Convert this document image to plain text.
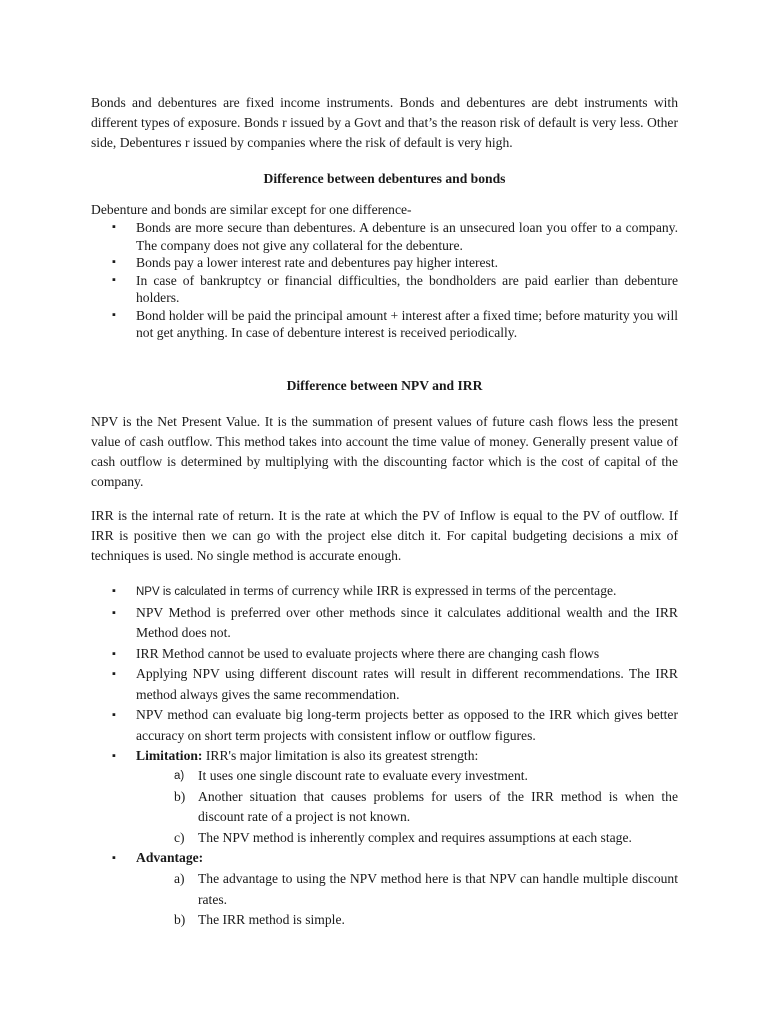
Bonds and debentures are fixed income instruments. Bonds and debentures are debt instruments with different types of exposure. Bonds r issued by a Govt and that’s the reason risk of default is very less. Other side, Debentures r issued by companies where the risk of default is very high.

Difference between debentures and bonds

Debenture and bonds are similar except for one difference-

▪ Bonds are more secure than debentures. A debenture is an unsecured loan you offer to a company. The company does not give any collateral for the debenture.
▪ Bonds pay a lower interest rate and debentures pay higher interest.
▪ In case of bankruptcy or financial difficulties, the bondholders are paid earlier than debenture holders.
▪ Bond holder will be paid the principal amount + interest after a fixed time; before maturity you will not get anything. In case of debenture interest is received periodically.

Difference between NPV and IRR

NPV is the Net Present Value. It is the summation of present values of future cash flows less the present value of cash outflow. This method takes into account the time value of money. Generally present value of cash outflow is determined by multiplying with the discounting factor which is the cost of capital of the company.

IRR is the internal rate of return. It is the rate at which the PV of Inflow is equal to the PV of outflow. If IRR is positive then we can go with the project else ditch it. For capital budgeting decisions a mix of techniques is used. No single method is accurate enough.

▪ NPV is calculated in terms of currency while IRR is expressed in terms of the percentage.
▪ NPV Method is preferred over other methods since it calculates additional wealth and the IRR Method does not.
▪ IRR Method cannot be used to evaluate projects where there are changing cash flows
▪ Applying NPV using different discount rates will result in different recommendations. The IRR method always gives the same recommendation.
▪ NPV method can evaluate big long-term projects better as opposed to the IRR which gives better accuracy on short term projects with consistent inflow or outflow figures.
▪ Limitation: IRR's major limitation is also its greatest strength:
a) It uses one single discount rate to evaluate every investment.
b) Another situation that causes problems for users of the IRR method is when the discount rate of a project is not known.
c) The NPV method is inherently complex and requires assumptions at each stage.
▪ Advantage:
a) The advantage to using the NPV method here is that NPV can handle multiple discount rates.
b) The IRR method is simple.
